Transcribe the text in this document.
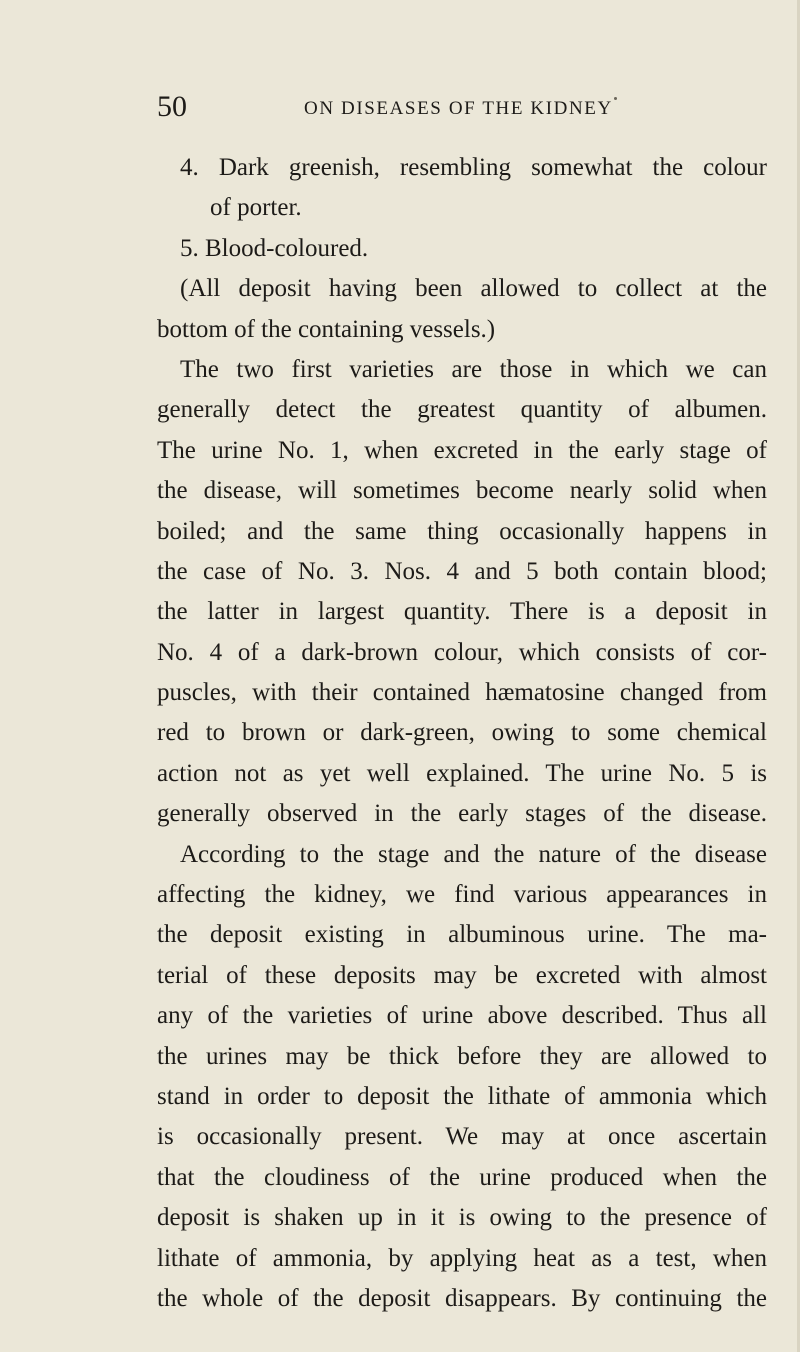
50	ON DISEASES OF THE KIDNEY
4. Dark greenish, resembling somewhat the colour
of porter.
5. Blood-coloured.
(All deposit having been allowed to collect at the
bottom of the containing vessels.)
The two first varieties are those in which we can
generally detect the greatest quantity of albumen.
The urine No. 1, when excreted in the early stage of
the disease, will sometimes become nearly solid when
boiled; and the same thing occasionally happens in
the case of No. 3. Nos. 4 and 5 both contain blood;
the latter in largest quantity. There is a deposit in
No. 4 of a dark-brown colour, which consists of cor-
puscles, with their contained hæmatosine changed from
red to brown or dark-green, owing to some chemical
action not as yet well explained. The urine No. 5 is
generally observed in the early stages of the disease.
According to the stage and the nature of the disease
affecting the kidney, we find various appearances in
the deposit existing in albuminous urine. The ma-
terial of these deposits may be excreted with almost
any of the varieties of urine above described. Thus all
the urines may be thick before they are allowed to
stand in order to deposit the lithate of ammonia which
is occasionally present. We may at once ascertain
that the cloudiness of the urine produced when the
deposit is shaken up in it is owing to the presence of
lithate of ammonia, by applying heat as a test, when
the whole of the deposit disappears. By continuing the
